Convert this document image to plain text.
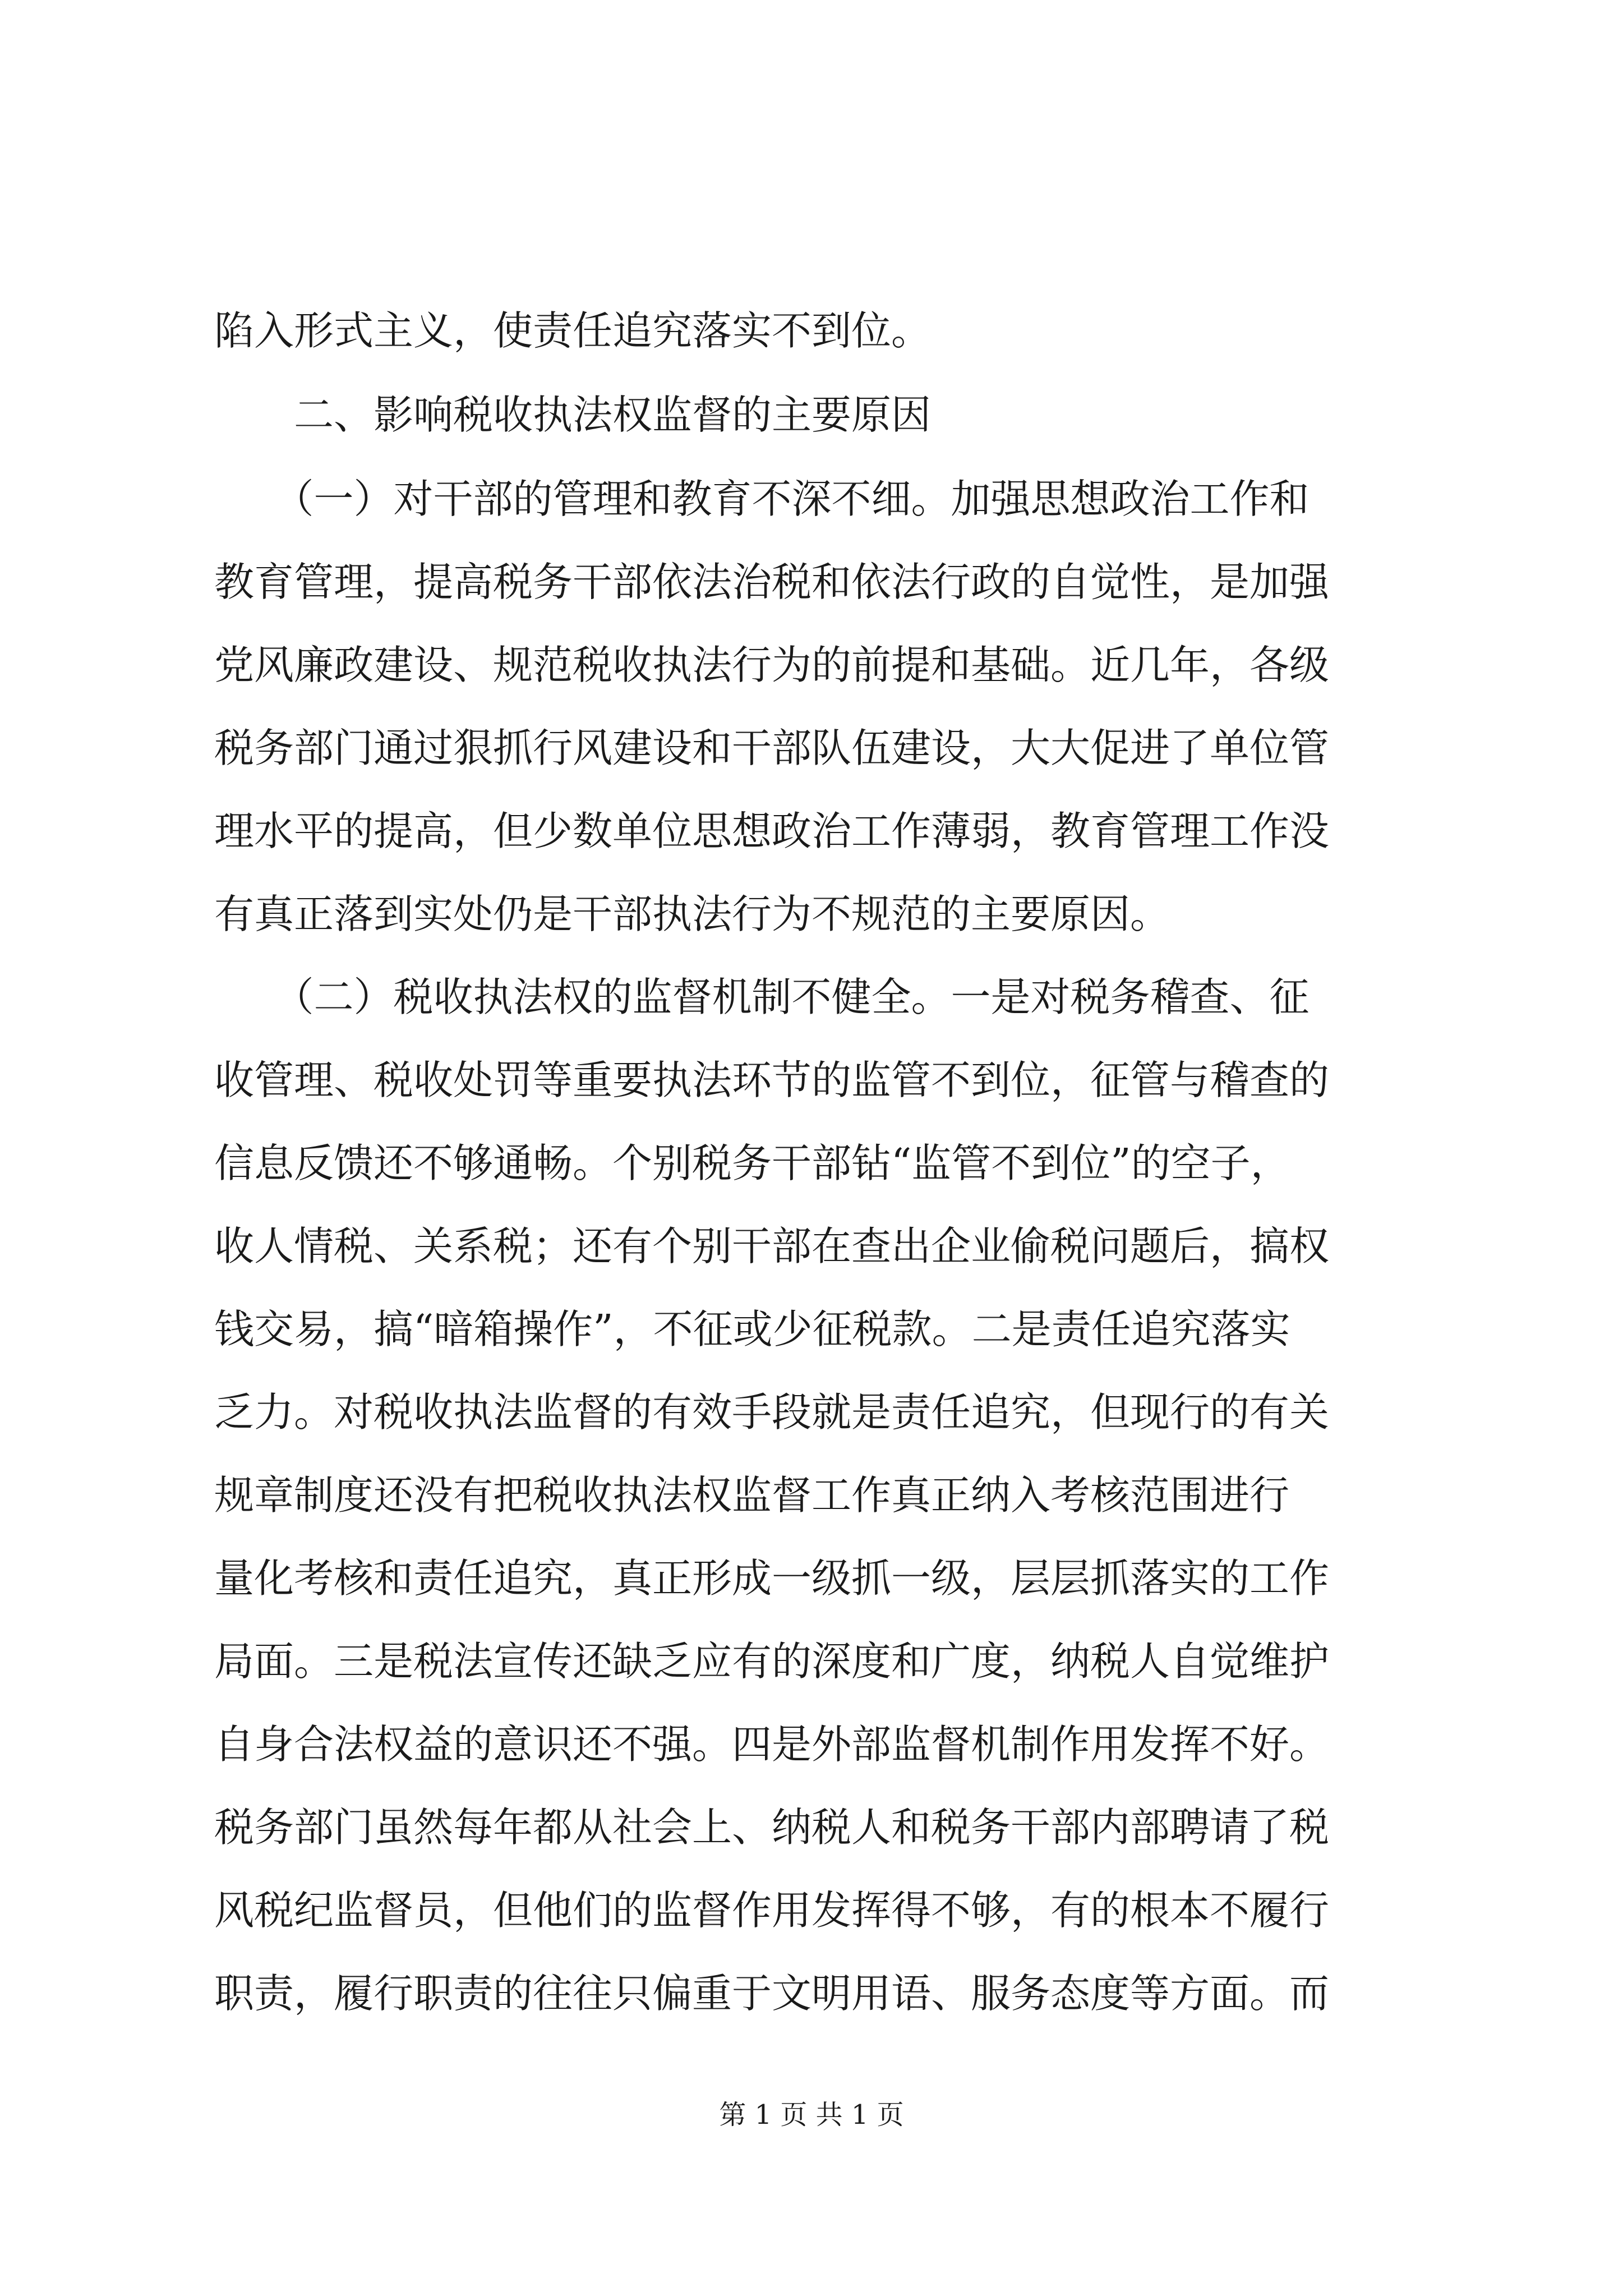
陷入形式主义，使责任追究落实不到位。
　　二、影响税收执法权监督的主要原因
　　（一）对干部的管理和教育不深不细。加强思想政治工作和
教育管理，提高税务干部依法治税和依法行政的自觉性，是加强
党风廉政建设、规范税收执法行为的前提和基础。近几年，各级
税务部门通过狠抓行风建设和干部队伍建设，大大促进了单位管
理水平的提高，但少数单位思想政治工作薄弱，教育管理工作没
有真正落到实处仍是干部执法行为不规范的主要原因。
　　（二）税收执法权的监督机制不健全。一是对税务稽查、征
收管理、税收处罚等重要执法环节的监管不到位，征管与稽查的
信息反馈还不够通畅。个别税务干部钻“监管不到位”的空子，
收人情税、关系税；还有个别干部在查出企业偷税问题后，搞权
钱交易，搞“暗箱操作”，不征或少征税款。二是责任追究落实
乏力。对税收执法监督的有效手段就是责任追究，但现行的有关
规章制度还没有把税收执法权监督工作真正纳入考核范围进行
量化考核和责任追究，真正形成一级抓一级，层层抓落实的工作
局面。三是税法宣传还缺乏应有的深度和广度，纳税人自觉维护
自身合法权益的意识还不强。四是外部监督机制作用发挥不好。
税务部门虽然每年都从社会上、纳税人和税务干部内部聘请了税
风税纪监督员，但他们的监督作用发挥得不够，有的根本不履行
职责，履行职责的往往只偏重于文明用语、服务态度等方面。而
第 1 页 共 1 页
